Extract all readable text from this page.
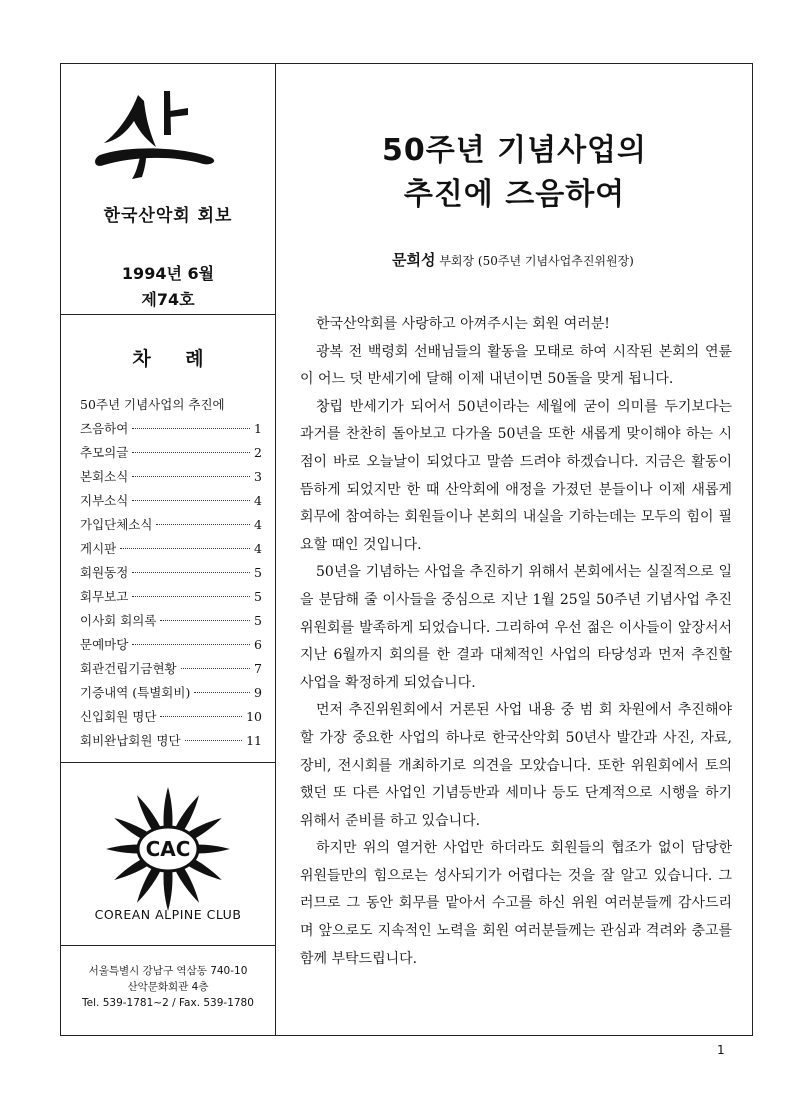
한국산악회 회보
1994년 6월
제74호
차 례
50주년 기념사업의 추진에
즈음하여	1
추모의글	2
본회소식	3
지부소식	4
가입단체소식	4
게시판	4
회원동정	5
회무보고	5
이사회 회의록	5
문예마당	6
회관건립기금현황	7
기증내역 (특별회비)	9
신입회원 명단	10
회비완납회원 명단	11
CAC
COREAN ALPINE CLUB
서울특별시 강남구 역삼동 740-10
산악문화회관 4층
Tel. 539-1781~2 / Fax. 539-1780
50주년 기념사업의
추진에 즈음하여
문희성 부회장 (50주년 기념사업추진위원장)

한국산악회를 사랑하고 아껴주시는 회원 여러분!

광복 전 백령회 선배님들의 활동을 모태로 하여 시작된 본회의 연륜이 어느 덧 반세기에 달해 이제 내년이면 50돌을 맞게 됩니다.

창립 반세기가 되어서 50년이라는 세월에 굳이 의미를 두기보다는 과거를 찬찬히 돌아보고 다가올 50년을 또한 새롭게 맞이해야 하는 시점이 바로 오늘날이 되었다고 말씀 드려야 하겠습니다. 지금은 활동이 뜸하게 되었지만 한 때 산악회에 애정을 가졌던 분들이나 이제 새롭게 회무에 참여하는 회원들이나 본회의 내실을 기하는데는 모두의 힘이 필요할 때인 것입니다.

50년을 기념하는 사업을 추진하기 위해서 본회에서는 실질적으로 일을 분담해 줄 이사들을 중심으로 지난 1월 25일 50주년 기념사업 추진위원회를 발족하게 되었습니다. 그리하여 우선 젊은 이사들이 앞장서서 지난 6월까지 회의를 한 결과 대체적인 사업의 타당성과 먼저 추진할 사업을 확정하게 되었습니다.

먼저 추진위원회에서 거론된 사업 내용 중 범 회 차원에서 추진해야 할 가장 중요한 사업의 하나로 한국산악회 50년사 발간과 사진, 자료, 장비, 전시회를 개최하기로 의견을 모았습니다. 또한 위원회에서 토의했던 또 다른 사업인 기념등반과 세미나 등도 단계적으로 시행을 하기 위해서 준비를 하고 있습니다.

하지만 위의 열거한 사업만 하더라도 회원들의 협조가 없이 담당한 위원들만의 힘으로는 성사되기가 어렵다는 것을 잘 알고 있습니다. 그러므로 그 동안 회무를 맡아서 수고를 하신 위원 여러분들께 감사드리며 앞으로도 지속적인 노력을 회원 여러분들께는 관심과 격려와 충고를 함께 부탁드립니다.

1
